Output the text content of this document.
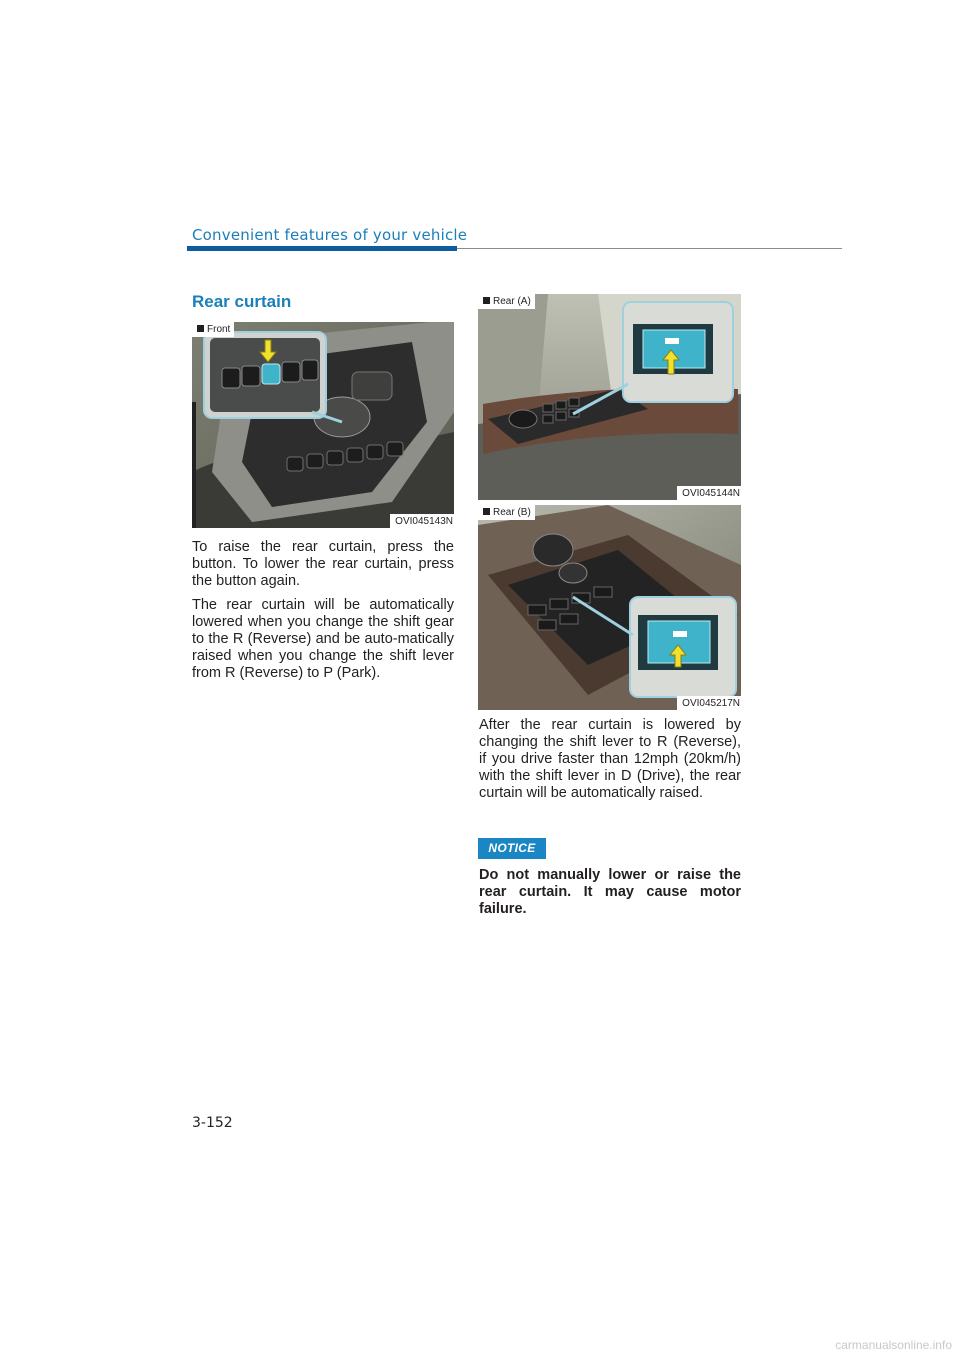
Convenient features of your vehicle
Rear curtain
Front
OVI045143N
Rear (A)
OVI045144N
Rear (B)
OVI045217N

To raise the rear curtain, press the button. To lower the rear curtain, press the button again.

The rear curtain will be automatically lowered when you change the shift gear to the R (Reverse) and be auto-matically raised when you change the shift lever from R (Reverse) to P (Park).

After the rear curtain is lowered by changing the shift lever to R (Reverse), if you drive faster than 12mph (20km/h) with the shift lever in D (Drive), the rear curtain will be automatically raised.

NOTICE

Do not manually lower or raise the rear curtain. It may cause motor failure.

3-152
carmanualsonline.info
